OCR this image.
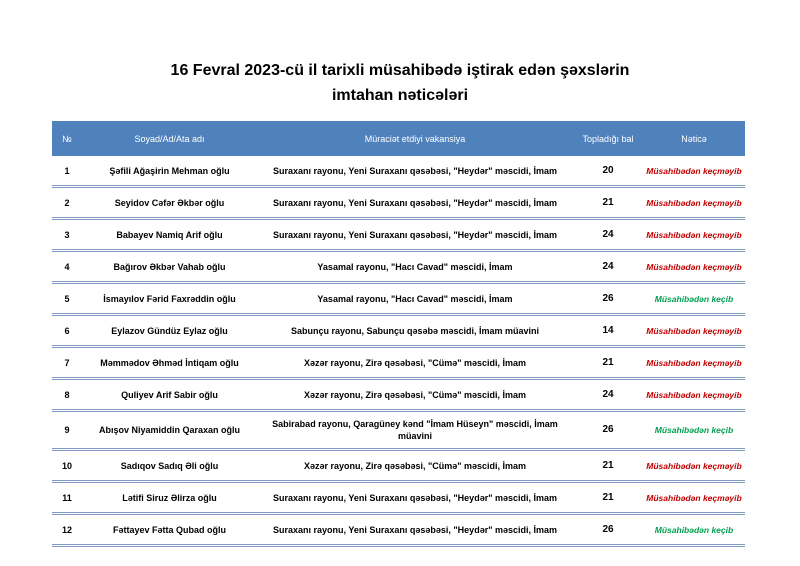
16 Fevral 2023-cü il tarixli müsahibədə iştirak edən şəxslərin
imtahan nəticələri
№	Soyad/Ad/Ata adı	Müraciət etdiyi vakansiya	Topladığı bal	Nəticə
1	Şəfili Ağaşirin Mehman oğlu	Suraxanı rayonu, Yeni Suraxanı qəsəbəsi, "Heydər" məscidi, İmam	20	Müsahibədən keçməyib
2	Seyidov Cəfər Əkbər oğlu	Suraxanı rayonu, Yeni Suraxanı qəsəbəsi, "Heydər" məscidi, İmam	21	Müsahibədən keçməyib
3	Babayev Namiq Arif oğlu	Suraxanı rayonu, Yeni Suraxanı qəsəbəsi, "Heydər" məscidi, İmam	24	Müsahibədən keçməyib
4	Bağırov Əkbər Vahab oğlu	Yasamal rayonu, "Hacı Cavad" məscidi, İmam	24	Müsahibədən keçməyib
5	İsmayılov Fərid Faxrəddin oğlu	Yasamal rayonu, "Hacı Cavad" məscidi, İmam	26	Müsahibədən keçib
6	Eylazov Gündüz Eylaz oğlu	Sabunçu rayonu, Sabunçu qəsəbə məscidi, İmam müavini	14	Müsahibədən keçməyib
7	Məmmədov Əhməd İntiqam oğlu	Xəzər rayonu, Zirə qəsəbəsi, "Cümə" məscidi, İmam	21	Müsahibədən keçməyib
8	Quliyev Arif Sabir oğlu	Xəzər rayonu, Zirə qəsəbəsi, "Cümə" məscidi, İmam	24	Müsahibədən keçməyib
9	Abışov Niyamiddin Qaraxan oğlu	Sabirabad rayonu, Qaragüney kənd "İmam Hüseyn" məscidi, İmam müavini	26	Müsahibədən keçib
10	Sadıqov Sadıq Əli oğlu	Xəzər rayonu, Zirə qəsəbəsi, "Cümə" məscidi, İmam	21	Müsahibədən keçməyib
11	Lətifi Siruz Əlirza oğlu	Suraxanı rayonu, Yeni Suraxanı qəsəbəsi, "Heydər" məscidi, İmam	21	Müsahibədən keçməyib
12	Fəttayev Fətta Qubad oğlu	Suraxanı rayonu, Yeni Suraxanı qəsəbəsi, "Heydər" məscidi, İmam	26	Müsahibədən keçib
